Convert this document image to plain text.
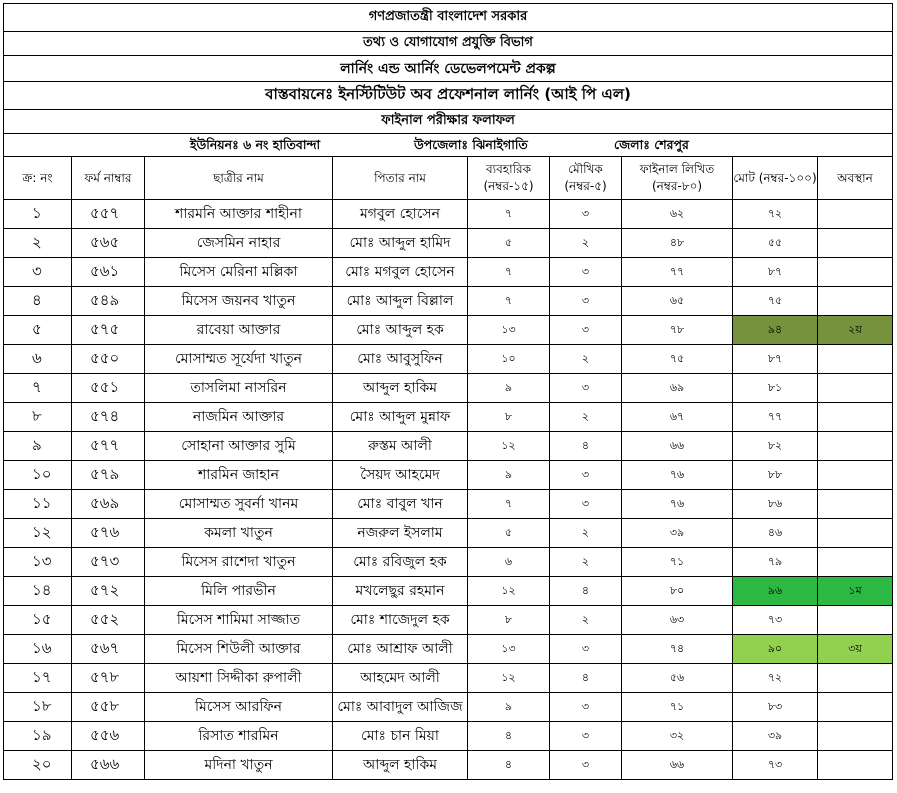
গণপ্রজাতন্ত্রী বাংলাদেশ সরকার
তথ্য ও যোগাযোগ প্রযুক্তি বিভাগ
লার্নিং এন্ড আর্নিং ডেভেলপমেন্ট প্রকল্প
বাস্তবায়নেঃ ইনস্টিটিউট অব প্রফেশনাল লার্নিং (আই পি এল)
ফাইনাল পরীক্ষার ফলাফল

ইউনিয়নঃ ৬ নং হাতিবান্দা	উপজেলাঃ ঝিনাইগাতি	জেলাঃ শেরপুর
ক্র: নং	ফর্ম নাম্বার	ছাত্রীর নাম	পিতার নাম	ব্যবহারিক (নম্বর-১৫)	মৌখিক (নম্বর-৫)	ফাইনাল লিখিত (নম্বর-৮০)	মোট (নম্বর-১০০)	অবস্থান
১	৫৫৭	শারমনি আক্তার শাহীনা	মগবুল হোসেন	৭	৩	৬২	৭২	
২	৫৬৫	জেসমিন নাহার	মোঃ আব্দুল হামিদ	৫	২	৪৮	৫৫	
৩	৫৬১	মিসেস মেরিনা মল্লিকা	মোঃ মগবুল হোসেন	৭	৩	৭৭	৮৭	
৪	৫৪৯	মিসেস জয়নব খাতুন	মোঃ আব্দুল বিল্লাল	৭	৩	৬৫	৭৫	
৫	৫৭৫	রাবেয়া আক্তার	মোঃ আব্দুল হক	১৩	৩	৭৮	৯৪	২য়
৬	৫৫০	মোসাম্মত সূর্যেদা খাতুন	মোঃ আবুসুফিন	১০	২	৭৫	৮৭	
৭	৫৫১	তাসলিমা নাসরিন	আব্দুল হাকিম	৯	৩	৬৯	৮১	
৮	৫৭৪	নাজমিন আক্তার	মোঃ আব্দুল মুন্নাফ	৮	২	৬৭	৭৭	
৯	৫৭৭	সোহানা আক্তার সুমি	রুস্তম আলী	১২	৪	৬৬	৮২	
১০	৫৭৯	শারমিন জাহান	সৈয়দ আহমেদ	৯	৩	৭৬	৮৮	
১১	৫৬৯	মোসাম্মত সুবর্না খানম	মোঃ বাবুল খান	৭	৩	৭৬	৮৬	
১২	৫৭৬	কমলা খাতুন	নজরুল ইসলাম	৫	২	৩৯	৪৬	
১৩	৫৭৩	মিসেস রাশেদা খাতুন	মোঃ রবিজুল হক	৬	২	৭১	৭৯	
১৪	৫৭২	মিলি পারভীন	মখলেছুর রহমান	১২	৪	৮০	৯৬	১ম
১৫	৫৫২	মিসেস শামিমা সাজ্জাত	মোঃ শাজেদুল হক	৮	২	৬৩	৭৩	
১৬	৫৬৭	মিসেস শিউলী আক্তার	মোঃ আশ্রাফ আলী	১৩	৩	৭৪	৯০	৩য়
১৭	৫৭৮	আয়শা সিদ্দীকা রুপালী	আহমেদ আলী	১২	৪	৫৬	৭২	
১৮	৫৫৮	মিসেস আরফিন	মোঃ আবাদুল আজিজ	৯	৩	৭১	৮৩	
১৯	৫৫৬	রিসাত শারমিন	মোঃ চান মিয়া	৪	৩	৩২	৩৯	
২০	৫৬৬	মদিনা খাতুন	আব্দুল হাকিম	৪	৩	৬৬	৭৩	
